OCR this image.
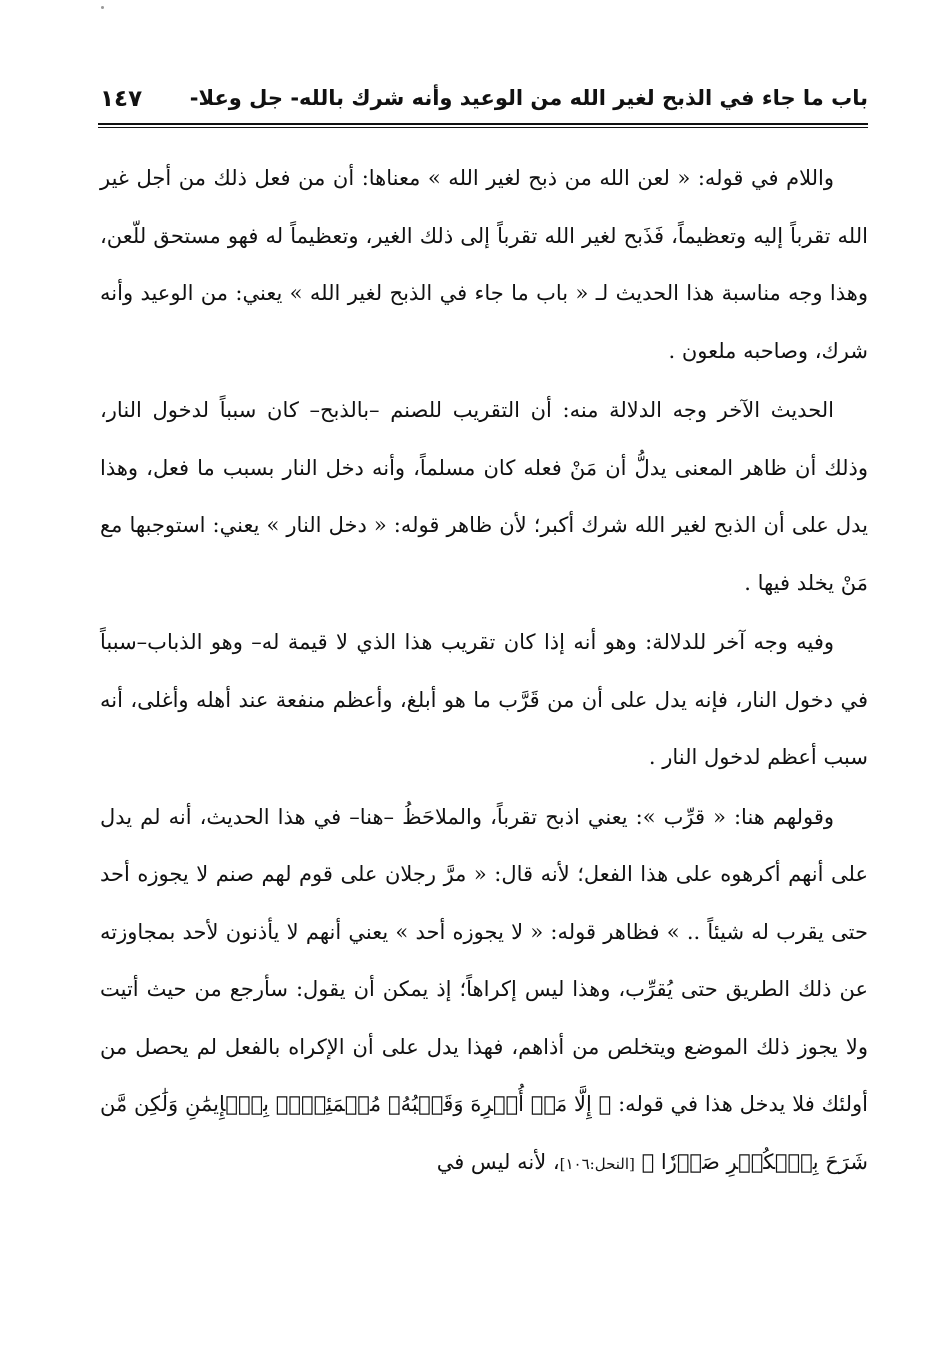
باب ما جاء في الذبح لغير الله من الوعيد وأنه شرك بالله- جل وعلا-
١٤٧

واللام في قوله: « لعن الله من ذبح لغير الله » معناها: أن من فعل ذلك من أجل غير الله تقرباً إليه وتعظيماً، فَذَبح لغير الله تقرباً إلى ذلك الغير، وتعظيماً له فهو مستحق للّعن، وهذا وجه مناسبة هذا الحديث لـ « باب ما جاء في الذبح لغير الله » يعني: من الوعيد وأنه شرك، وصاحبه ملعون .

الحديث الآخر وجه الدلالة منه: أن التقريب للصنم –بالذبح– كان سبباً لدخول النار، وذلك أن ظاهر المعنى يدلُّ أن مَنْ فعله كان مسلماً، وأنه دخل النار بسبب ما فعل، وهذا يدل على أن الذبح لغير الله شرك أكبر؛ لأن ظاهر قوله: « دخل النار » يعني: استوجبها مع مَنْ يخلد فيها .

وفيه وجه آخر للدلالة: وهو أنه إذا كان تقريب هذا الذي لا قيمة له– وهو الذباب–سبباً في دخول النار، فإنه يدل على أن من قَرَّب ما هو أبلغ، وأعظم منفعة عند أهله وأغلى، أنه سبب أعظم لدخول النار .

وقولهم هنا: « قرِّب »: يعني اذبح تقرباً، والملاحَظُ –هنا– في هذا الحديث، أنه لم يدل على أنهم أكرهوه على هذا الفعل؛ لأنه قال: « مرَّ رجلان على قوم لهم صنم لا يجوزه أحد حتى يقرب له شيئاً .. » فظاهر قوله: « لا يجوزه أحد » يعني أنهم لا يأذنون لأحد بمجاوزته عن ذلك الطريق حتى يُقرِّب، وهذا ليس إكراهاً؛ إذ يمكن أن يقول: سأرجع من حيث أتيت ولا يجوز ذلك الموضع ويتخلص من أذاهم، فهذا يدل على أن الإكراه بالفعل لم يحصل من أولئك فلا يدخل هذا في قوله: ﴿ إِلَّا مَنۡ أُكۡرِهَ وَقَلۡبُهُۥ مُطۡمَئِنُّۢ بِٱلۡإِيمَٰنِ وَلَٰكِن مَّن شَرَحَ بِٱلۡكُفۡرِ صَدۡرٗا ﴾ [النحل:١٠٦]، لأنه ليس في
